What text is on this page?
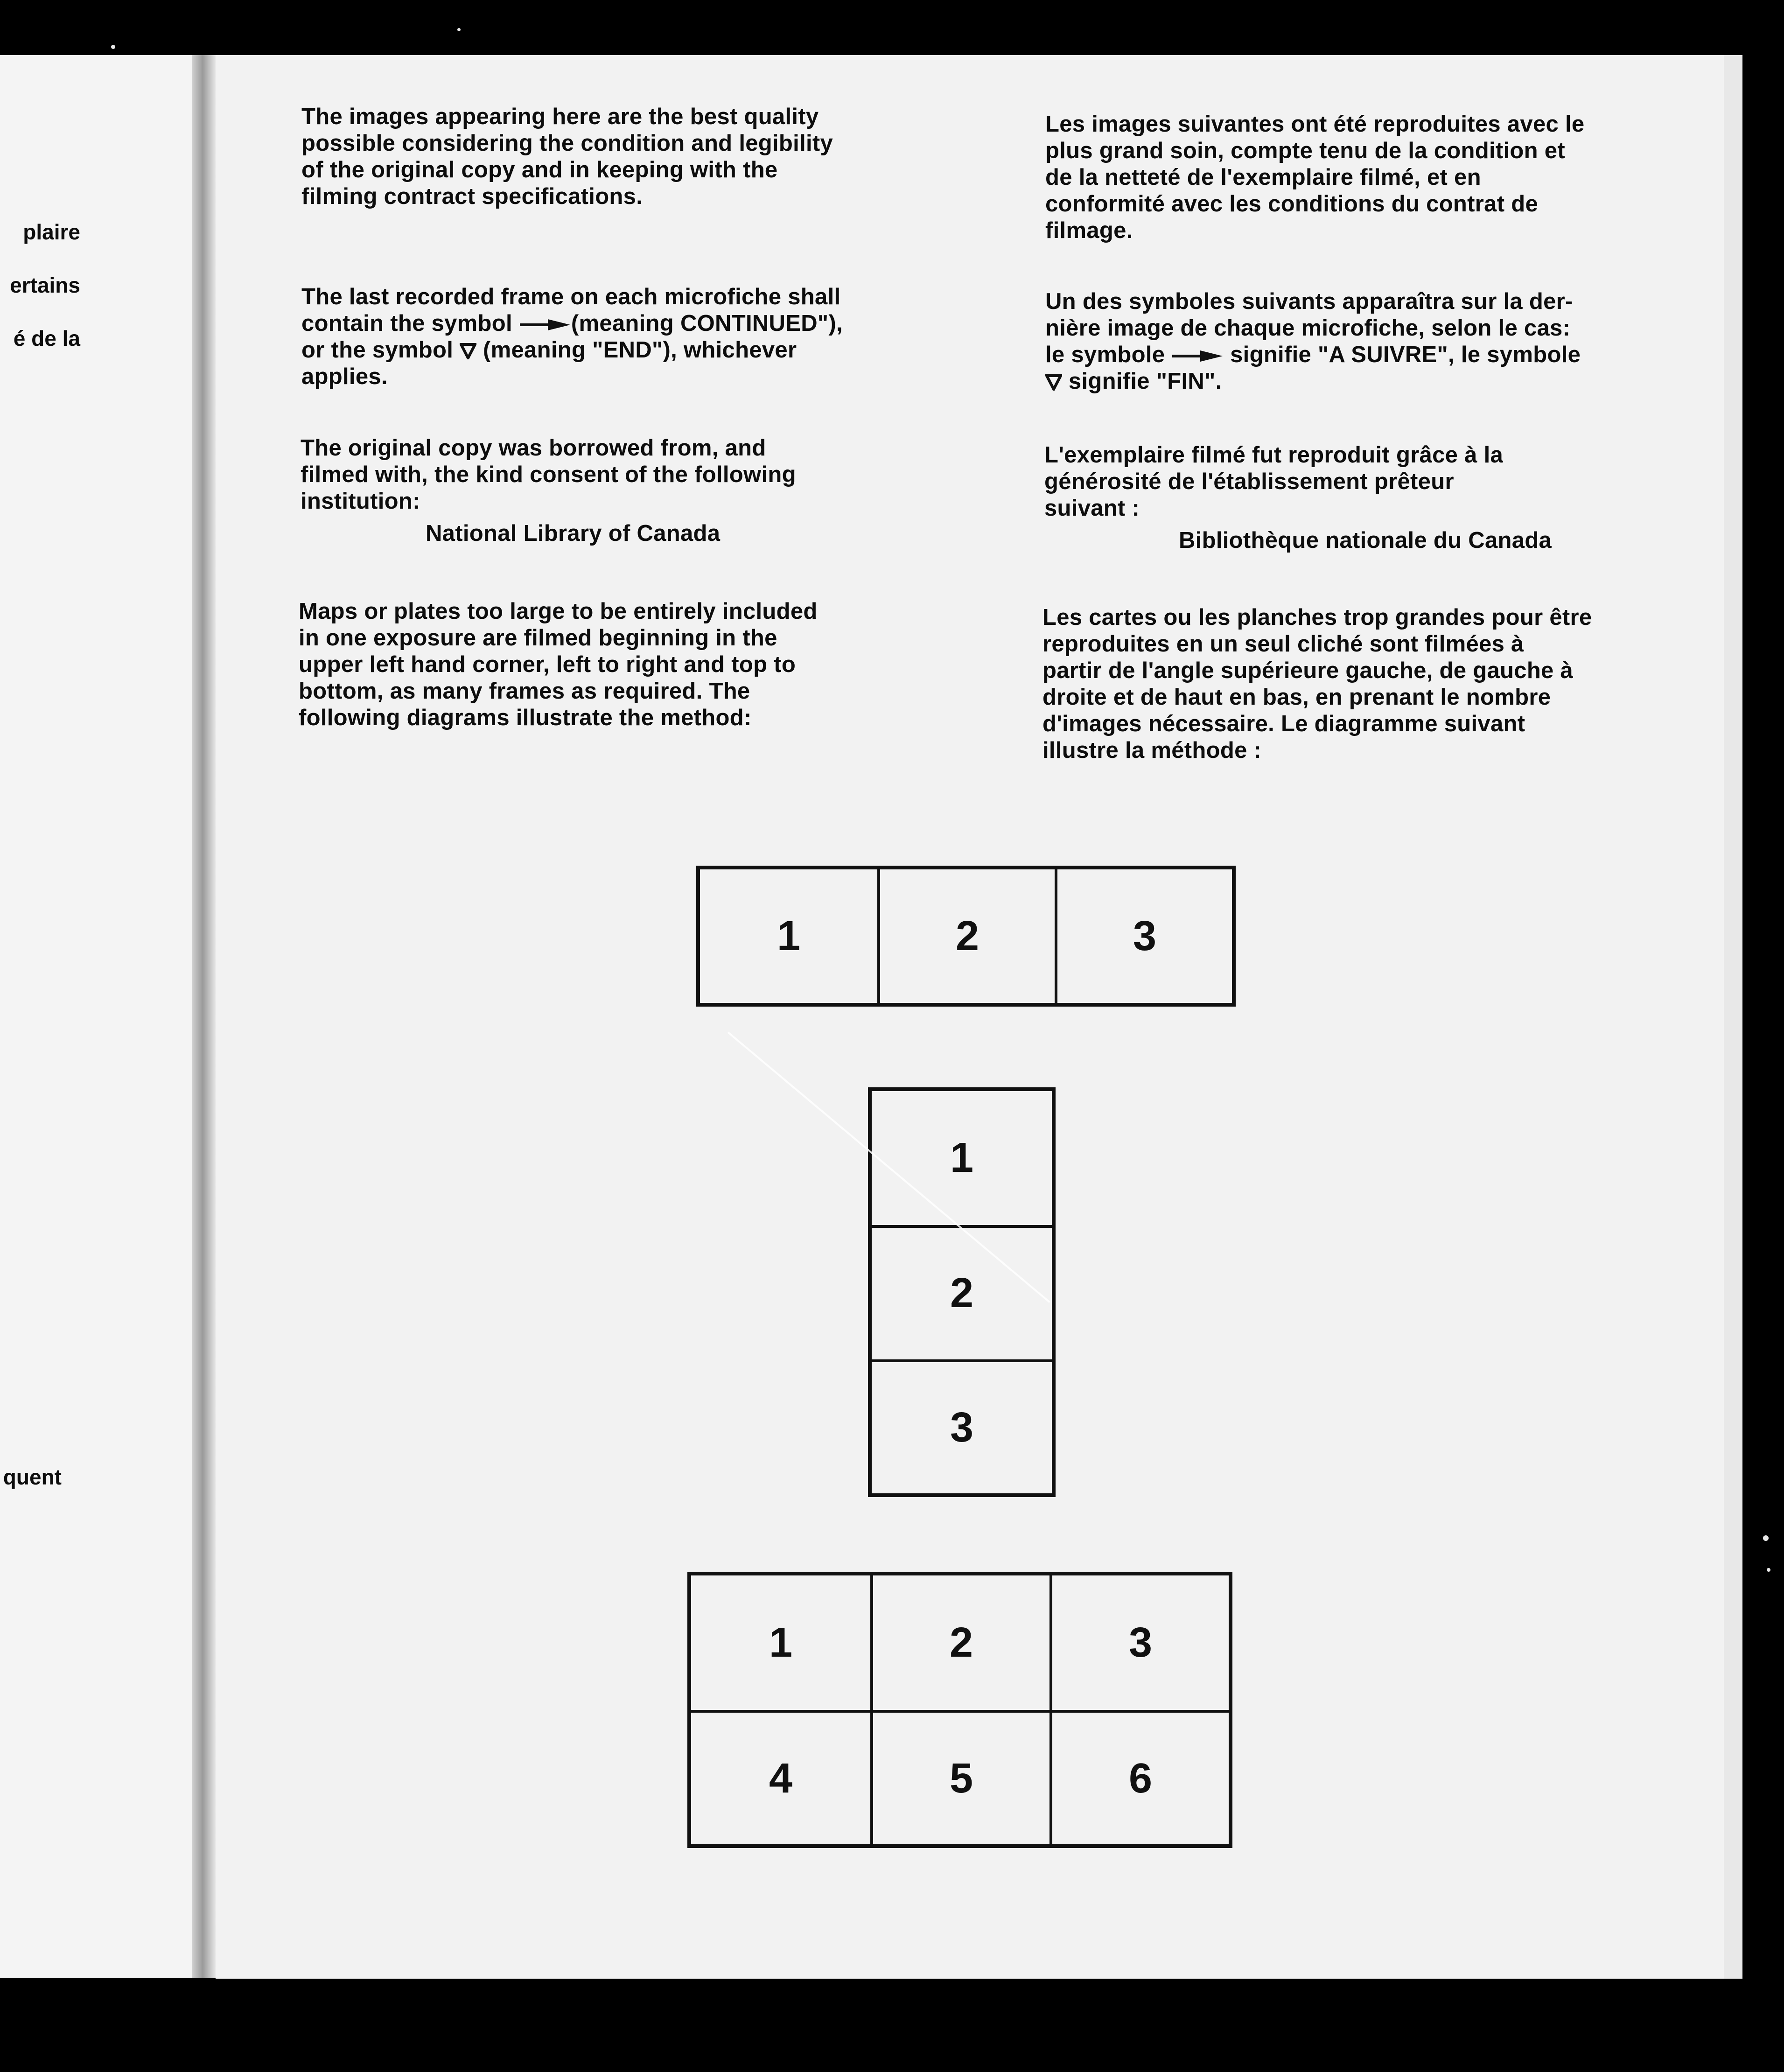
plaire

ertains

é de la

quent

The images appearing here are the best quality
possible considering the condition and legibility
of the original copy and in keeping with the
filming contract specifications.
The last recorded frame on each microfiche shall
contain the symbol (meaning CONTINUED"),
or the symbol  (meaning "END"), whichever
applies.
The original copy was borrowed from, and
filmed with, the kind consent of the following
institution:
National Library of Canada
Maps or plates too large to be entirely included
in one exposure are filmed beginning in the
upper left hand corner, left to right and top to
bottom, as many frames as required. The
following diagrams illustrate the method:
Les images suivantes ont été reproduites avec le
plus grand soin, compte tenu de la condition et
de la netteté de l'exemplaire filmé, et en
conformité avec les conditions du contrat de
filmage.
Un des symboles suivants apparaîtra sur la der-
nière image de chaque microfiche, selon le cas:
le symbole  signifie "A SUIVRE", le symbole
signifie "FIN".
L'exemplaire filmé fut reproduit grâce à la
générosité de l'établissement prêteur
suivant :
Bibliothèque nationale du Canada
Les cartes ou les planches trop grandes pour être
reproduites en un seul cliché sont filmées à
partir de l'angle supérieure gauche, de gauche à
droite et de haut en bas, en prenant le nombre
d'images nécessaire. Le diagramme suivant
illustre la méthode :
1	2	3
1
2
3
1	2	3
4	5	6
